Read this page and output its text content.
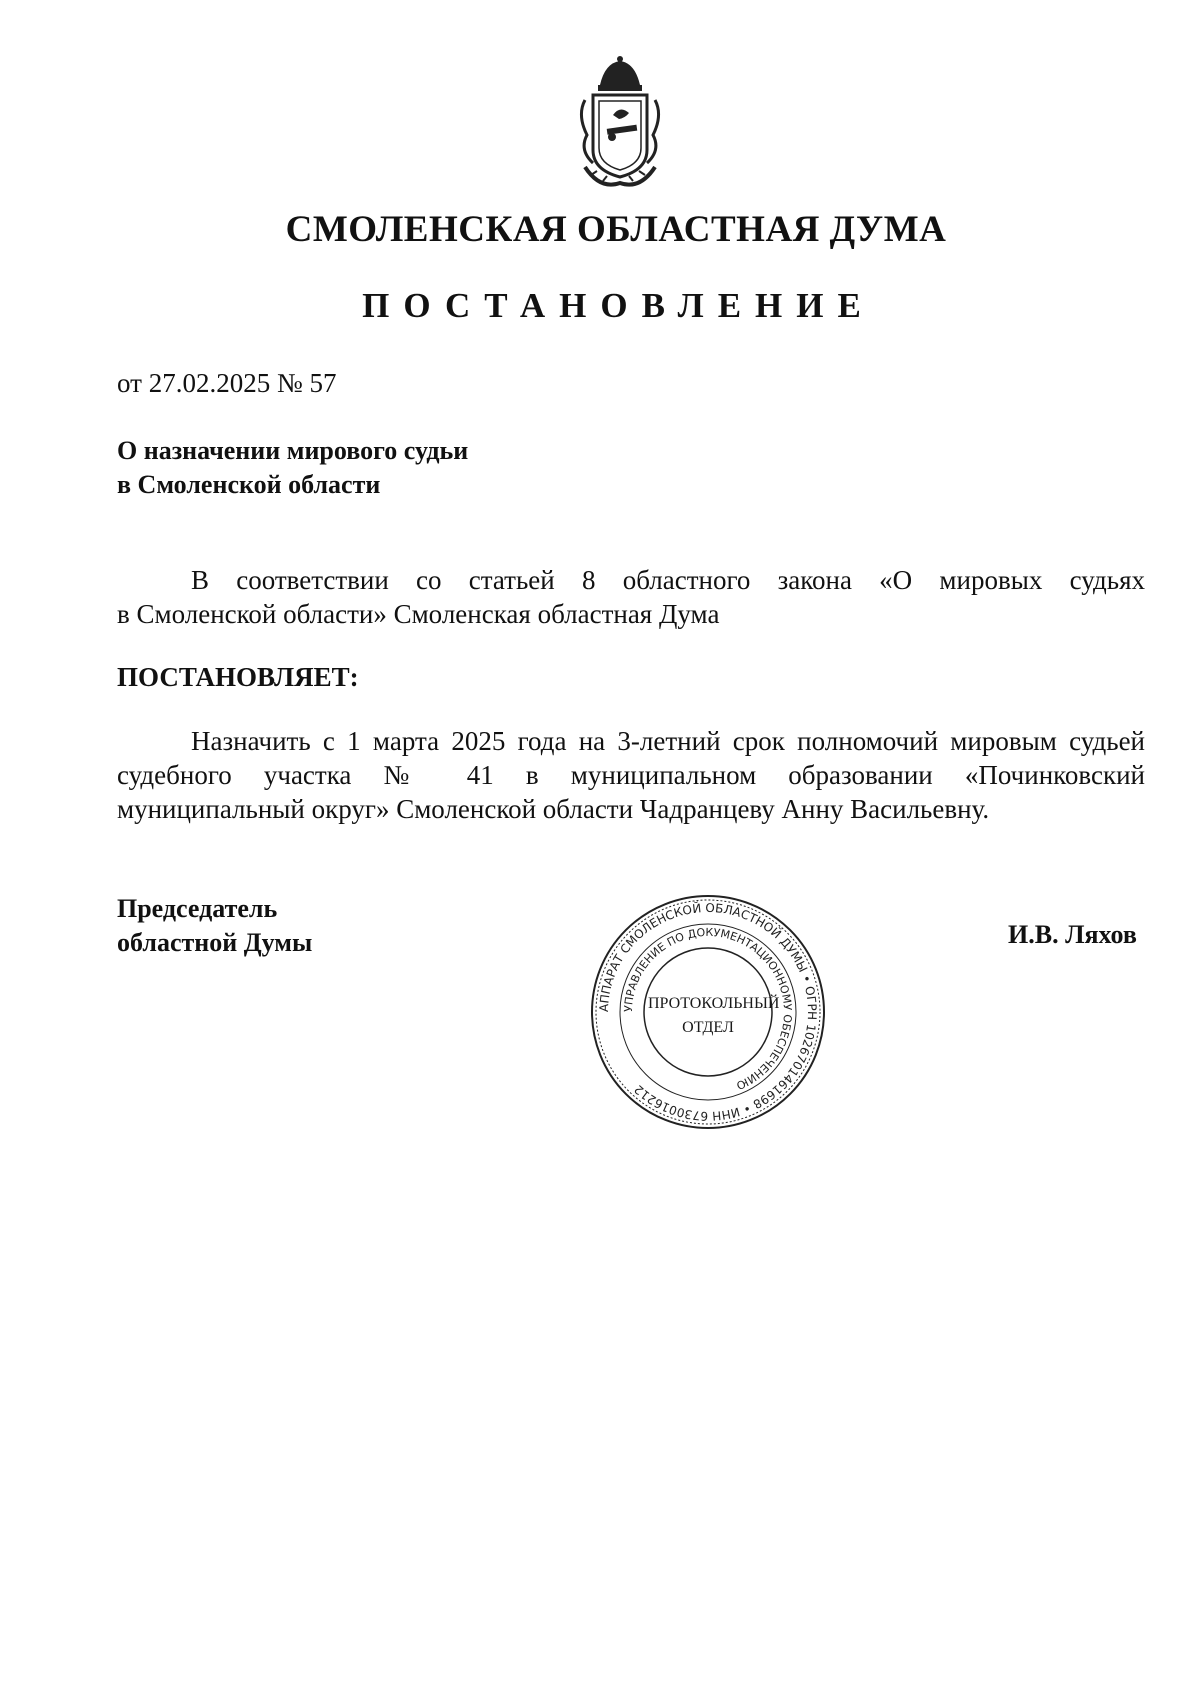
СМОЛЕНСКАЯ ОБЛАСТНАЯ ДУМА
ПОСТАНОВЛЕНИЕ
от 27.02.2025 № 57
О назначении мирового судьи
в Смоленской области
В соответствии со статьей 8 областного закона «О мировых судьях
в Смоленской области» Смоленская областная Дума
ПОСТАНОВЛЯЕТ:
Назначить с 1 марта 2025 года на 3-летний срок полномочий мировым судьей
судебного участка № 41 в муниципальном образовании «Починковский
муниципальный округ» Смоленской области Чадранцеву Анну Васильевну.
Председатель
областной Думы	И.В. Ляхов
АППАРАТ СМОЛЕНСКОЙ ОБЛАСТНОЙ ДУМЫ • ОГРН 1026701461698 • ИНН 6730016212
УПРАВЛЕНИЕ ПО ДОКУМЕНТАЦИОННОМУ ОБЕСПЕЧЕНИЮ
ПРОТОКОЛЬНЫЙ
ОТДЕЛ
